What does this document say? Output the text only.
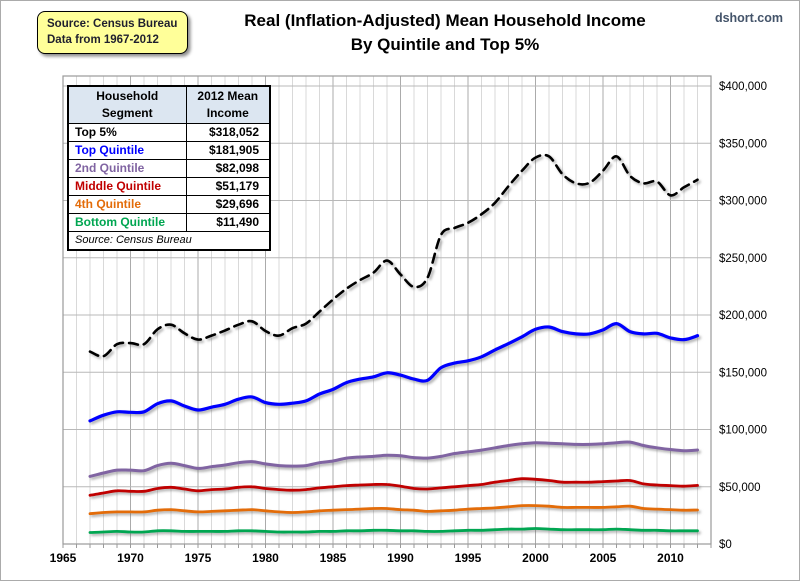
Source: Census Bureau
Data from 1967-2012
Real (Inflation-Adjusted) Mean Household Income
By Quintile and Top 5%
dshort.com
1965	1970	1975	1980	1985	1990	1995	2000	2005	2010
$0
$50,000
$100,000
$150,000
$200,000
$250,000
$300,000
$350,000
$400,000
Household
Segment	2012 Mean
Income
Top 5%	$318,052
Top Quintile	$181,905
2nd Quintile	$82,098
Middle Quintile	$51,179
4th Quintile	$29,696
Bottom Quintile	$11,490
Source: Census Bureau	
